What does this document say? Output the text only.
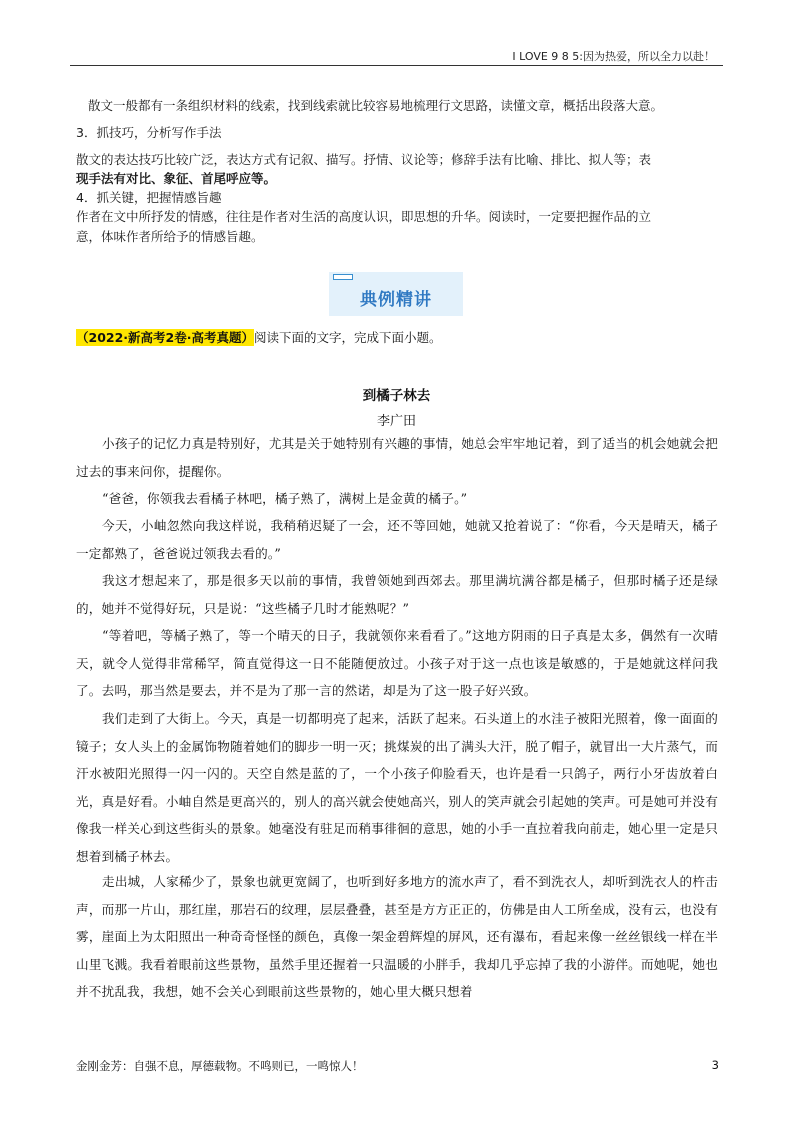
I LOVE 9 8 5:因为热爱，所以全力以赴！
散文一般都有一条组织材料的线索，找到线索就比较容易地梳理行文思路，读懂文章，概括出段落大意。
3．抓技巧，分析写作手法
散文的表达技巧比较广泛，表达方式有记叙、描写。抒情、议论等；修辞手法有比喻、排比、拟人等；表
现手法有对比、象征、首尾呼应等。
4．抓关键，把握情感旨趣
作者在文中所抒发的情感，往往是作者对生活的高度认识，即思想的升华。阅读时，一定要把握作品的立
意，体味作者所给予的情感旨趣。
典例精讲
（2022·新高考2卷·高考真题）阅读下面的文字，完成下面小题。
到橘子林去
李广田
小孩子的记忆力真是特别好，尤其是关于她特别有兴趣的事情，她总会牢牢地记着，到了适当的机会她就会把过去的事来问你，提醒你。
“爸爸，你领我去看橘子林吧，橘子熟了，满树上是金黄的橘子。”
今天，小岫忽然向我这样说，我稍稍迟疑了一会，还不等回她，她就又抢着说了：“你看，今天是晴天，橘子一定都熟了，爸爸说过领我去看的。”
我这才想起来了，那是很多天以前的事情，我曾领她到西郊去。那里满坑满谷都是橘子，但那时橘子还是绿的，她并不觉得好玩，只是说：“这些橘子几时才能熟呢？”
“等着吧，等橘子熟了，等一个晴天的日子，我就领你来看看了。”这地方阴雨的日子真是太多，偶然有一次晴天，就令人觉得非常稀罕，简直觉得这一日不能随便放过。小孩子对于这一点也该是敏感的，于是她就这样问我了。去吗，那当然是要去，并不是为了那一言的然诺，却是为了这一股子好兴致。
我们走到了大街上。今天，真是一切都明亮了起来，活跃了起来。石头道上的水洼子被阳光照着，像一面面的镜子；女人头上的金属饰物随着她们的脚步一明一灭；挑煤炭的出了满头大汗，脱了帽子，就冒出一大片蒸气，而汗水被阳光照得一闪一闪的。天空自然是蓝的了，一个小孩子仰脸看天，也许是看一只鸽子，两行小牙齿放着白光，真是好看。小岫自然是更高兴的，别人的高兴就会使她高兴，别人的笑声就会引起她的笑声。可是她可并没有像我一样关心到这些街头的景象。她毫没有驻足而稍事徘徊的意思，她的小手一直拉着我向前走，她心里一定是只想着到橘子林去。
走出城，人家稀少了，景象也就更宽阔了，也听到好多地方的流水声了，看不到洗衣人，却听到洗衣人的杵击声，而那一片山，那红崖，那岩石的纹理，层层叠叠，甚至是方方正正的，仿佛是由人工所垒成，没有云，也没有雾，崖面上为太阳照出一种奇奇怪怪的颜色，真像一架金碧辉煌的屏风，还有瀑布，看起来像一丝丝银线一样在半山里飞溅。我看着眼前这些景物，虽然手里还握着一只温暖的小胖手，我却几乎忘掉了我的小游伴。而她呢，她也并不扰乱我，我想，她不会关心到眼前这些景物的，她心里大概只想着
金刚金芳：自强不息，厚德载物。不鸣则已，一鸣惊人！	3
